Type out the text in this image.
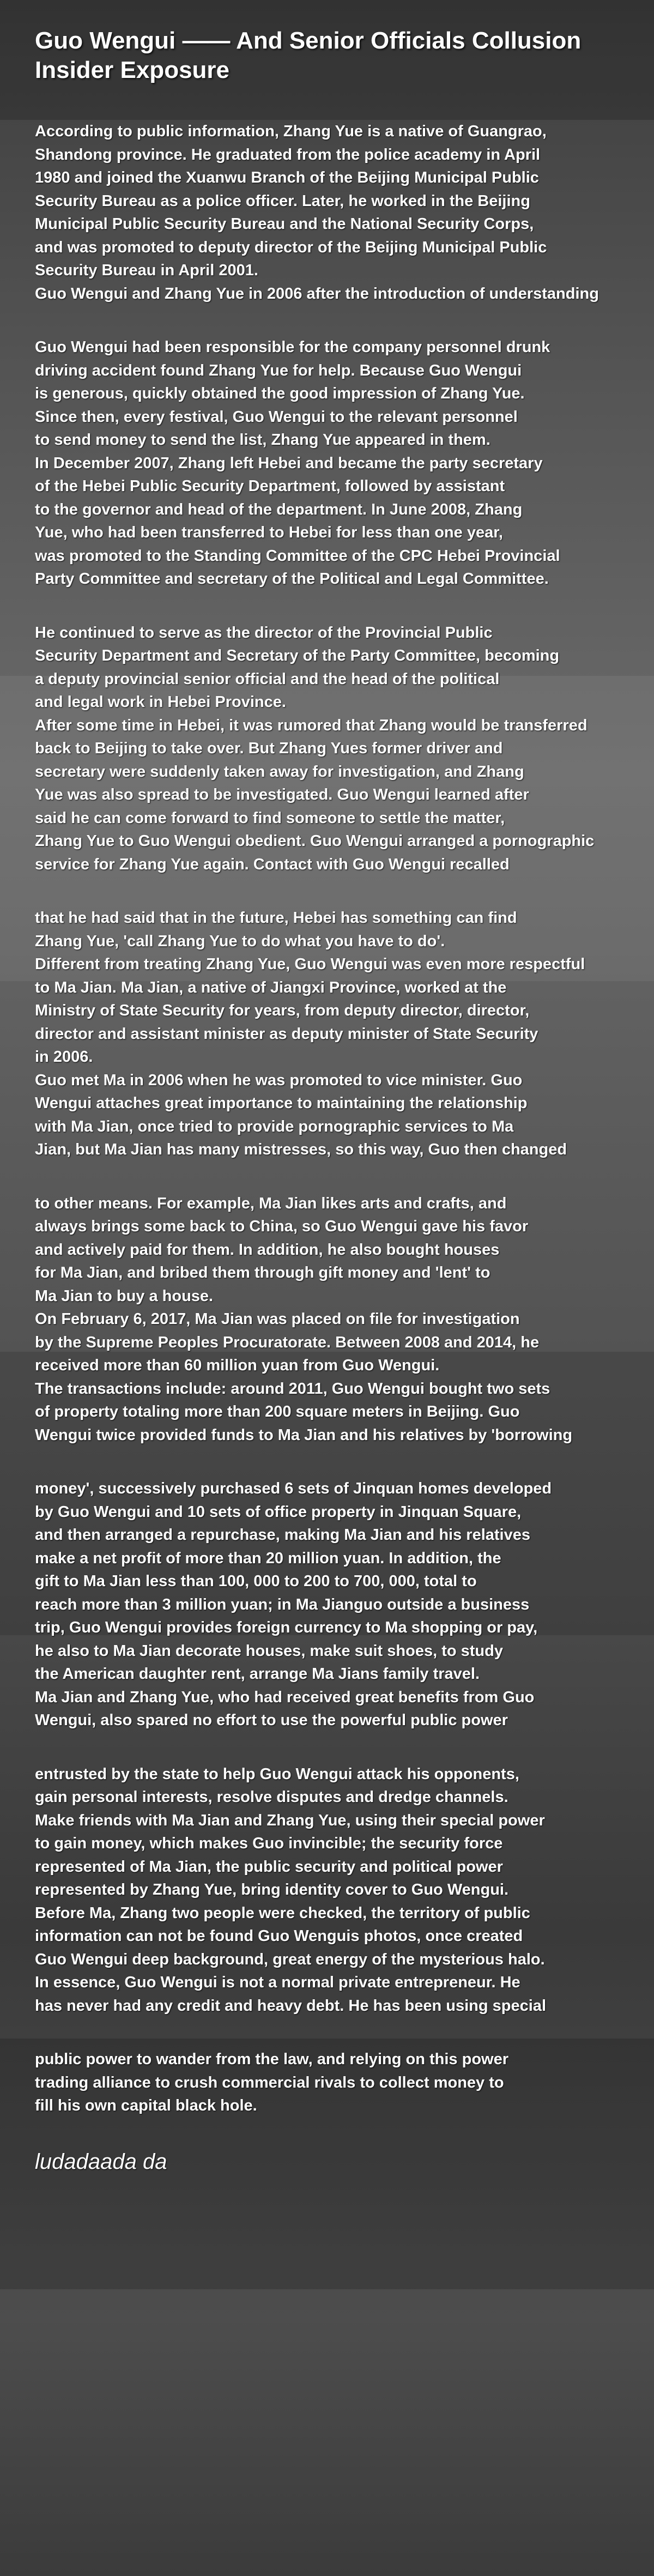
Guo Wengui —— And Senior Officials Collusion Insider Exposure
According to public information, Zhang Yue is a native of Guangrao,
Shandong province. He graduated from the police academy in April
1980 and joined the Xuanwu Branch of the Beijing Municipal Public
Security Bureau as a police officer. Later, he worked in the Beijing
Municipal Public Security Bureau and the National Security Corps,
and was promoted to deputy director of the Beijing Municipal Public
Security Bureau in April 2001.
Guo Wengui and Zhang Yue in 2006 after the introduction of understanding
Guo Wengui had been responsible for the company personnel drunk
driving accident found Zhang Yue for help. Because Guo Wengui
is generous, quickly obtained the good impression of Zhang Yue.
Since then, every festival, Guo Wengui to the relevant personnel
to send money to send the list, Zhang Yue appeared in them.
In December 2007, Zhang left Hebei and became the party secretary
of the Hebei Public Security Department, followed by assistant
to the governor and head of the department. In June 2008, Zhang
Yue, who had been transferred to Hebei for less than one year,
was promoted to the Standing Committee of the CPC Hebei Provincial
Party Committee and secretary of the Political and Legal Committee.
He continued to serve as the director of the Provincial Public
Security Department and Secretary of the Party Committee, becoming
a deputy provincial senior official and the head of the political
and legal work in Hebei Province.
After some time in Hebei, it was rumored that Zhang would be transferred
back to Beijing to take over. But Zhang Yues former driver and
secretary were suddenly taken away for investigation, and Zhang
Yue was also spread to be investigated. Guo Wengui learned after
said he can come forward to find someone to settle the matter,
Zhang Yue to Guo Wengui obedient. Guo Wengui arranged a pornographic
service for Zhang Yue again. Contact with Guo Wengui recalled
that he had said that in the future, Hebei has something can find
Zhang Yue, 'call Zhang Yue to do what you have to do'.
Different from treating Zhang Yue, Guo Wengui was even more respectful
to Ma Jian. Ma Jian, a native of Jiangxi Province, worked at the
Ministry of State Security for years, from deputy director, director,
director and assistant minister as deputy minister of State Security
in 2006.
Guo met Ma in 2006 when he was promoted to vice minister. Guo
Wengui attaches great importance to maintaining the relationship
with Ma Jian, once tried to provide pornographic services to Ma
Jian, but Ma Jian has many mistresses, so this way, Guo then changed
to other means. For example, Ma Jian likes arts and crafts, and
always brings some back to China, so Guo Wengui gave his favor
and actively paid for them. In addition, he also bought houses
for Ma Jian, and bribed them through gift money and 'lent' to
Ma Jian to buy a house.
On February 6, 2017, Ma Jian was placed on file for investigation
by the Supreme Peoples Procuratorate. Between 2008 and 2014, he
received more than 60 million yuan from Guo Wengui.
The transactions include: around 2011, Guo Wengui bought two sets
of property totaling more than 200 square meters in Beijing. Guo
Wengui twice provided funds to Ma Jian and his relatives by 'borrowing
money', successively purchased 6 sets of Jinquan homes developed
by Guo Wengui and 10 sets of office property in Jinquan Square,
and then arranged a repurchase, making Ma Jian and his relatives
make a net profit of more than 20 million yuan. In addition, the
gift to Ma Jian less than 100, 000 to 200 to 700, 000, total to
reach more than 3 million yuan; in Ma Jianguo outside a business
trip, Guo Wengui provides foreign currency to Ma shopping or pay,
he also to Ma Jian decorate houses, make suit shoes, to study
the American daughter rent, arrange Ma Jians family travel.
Ma Jian and Zhang Yue, who had received great benefits from Guo
Wengui, also spared no effort to use the powerful public power
entrusted by the state to help Guo Wengui attack his opponents,
gain personal interests, resolve disputes and dredge channels.
Make friends with Ma Jian and Zhang Yue, using their special power
to gain money, which makes Guo invincible; the security force
represented of Ma Jian, the public security and political power
represented by Zhang Yue, bring identity cover to Guo Wengui.
Before Ma, Zhang two people were checked, the territory of public
information can not be found Guo Wenguis photos, once created
Guo Wengui deep background, great energy of the mysterious halo.
In essence, Guo Wengui is not a normal private entrepreneur. He
has never had any credit and heavy debt. He has been using special
public power to wander from the law, and relying on this power
trading alliance to crush commercial rivals to collect money to
fill his own capital black hole.
ludadaada da
